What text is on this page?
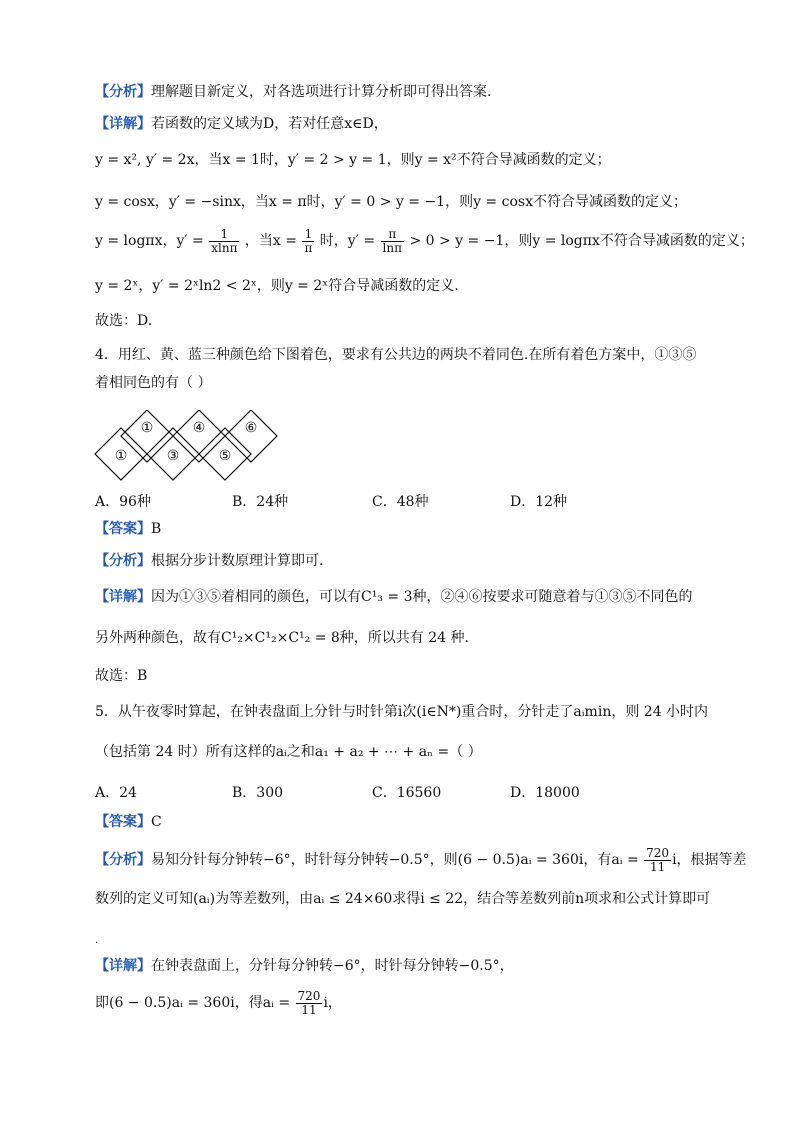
【分析】理解题目新定义，对各选项进行计算分析即可得出答案.
【详解】若函数的定义域为D，若对任意x∈D，
y = x², y′ = 2x，当x = 1时，y′ = 2 > y = 1，则y = x²不符合导减函数的定义；
y = cosx，y′ = −sinx，当x = π时，y′ = 0 > y = −1，则y = cosx不符合导减函数的定义；
y = logπx，$y' = \frac{1}{xln\pi}$ ，当$x = \frac{1}{\pi}$ 时，$y' = \frac{\pi}{\ln\pi} > 0 > y = -1$，则y = logπx不符合导减函数的定义；
y = 2ˣ，y′ = 2ˣln2 < 2ˣ，则y = 2ˣ符合导减函数的定义.
故选：D.
4．用红、黄、蓝三种颜色给下图着色，要求有公共边的两块不着同色.在所有着色方案中，①③⑤
着相同色的有（ ）
①
①
③
④
⑤
⑥
A．96种	B．24种	C．48种	D．12种
【答案】B
【分析】根据分步计数原理计算即可.
【详解】因为①③⑤着相同的颜色，可以有C¹₃ = 3种，②④⑥按要求可随意着与①③⑤不同色的
另外两种颜色，故有C¹₂×C¹₂×C¹₂ = 8种，所以共有 24 种.
故选：B
5．从午夜零时算起，在钟表盘面上分针与时针第i次(i∈N*)重合时，分针走了aᵢmin，则 24 小时内
（包括第 24 时）所有这样的aᵢ之和a₁ + a₂ + ⋯ + aₙ =（ ）
A．24	B．300	C．16560	D．18000
【答案】C
【分析】易知分针每分钟转−6°，时针每分钟转−0.5°，则(6 − 0.5)aᵢ = 360i，有aᵢ = $\frac{720}{11}$ i，根据等差
数列的定义可知(aᵢ)为等差数列，由aᵢ ≤ 24×60求得i ≤ 22，结合等差数列前n项求和公式计算即可
.
【详解】在钟表盘面上，分针每分钟转−6°，时针每分钟转−0.5°，
即(6 − 0.5)aᵢ = 360i，得aᵢ = $\frac{720}{11}$ i，
